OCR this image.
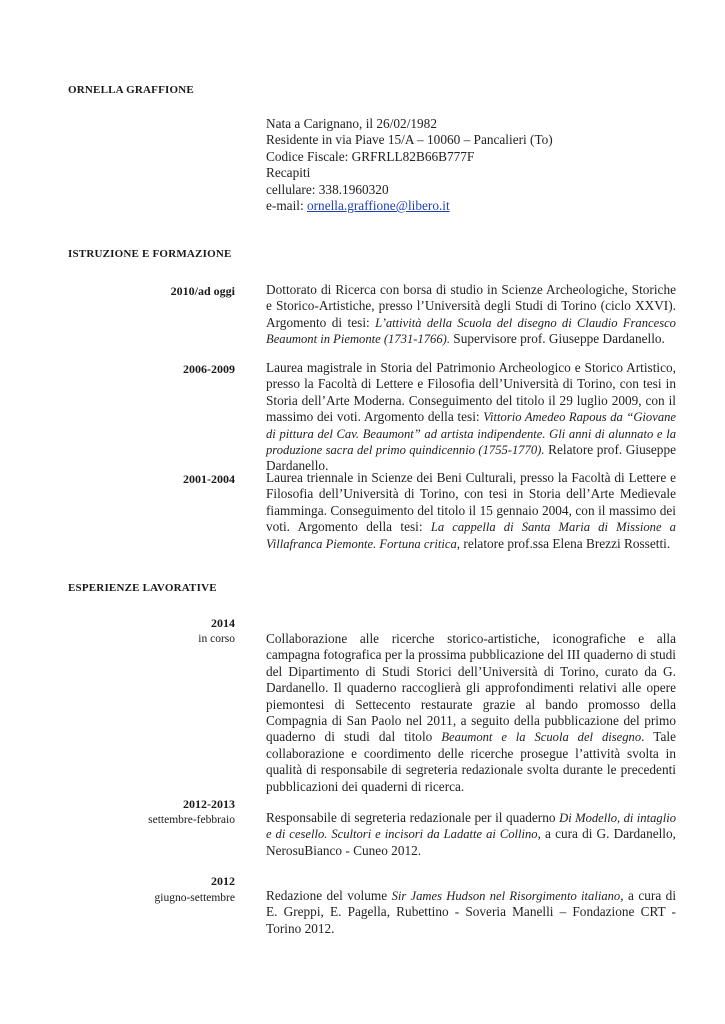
ORNELLA GRAFFIONE
Nata a Carignano, il 26/02/1982
Residente in via Piave 15/A – 10060 – Pancalieri (To)
Codice Fiscale: GRFRLL82B66B777F
Recapiti
cellulare: 338.1960320
e-mail: ornella.graffione@libero.it
ISTRUZIONE E FORMAZIONE
2010/ad oggi Dottorato di Ricerca con borsa di studio in Scienze Archeologiche, Storiche e Storico-Artistiche, presso l’Università degli Studi di Torino (ciclo XXVI). Argomento di tesi: L’attività della Scuola del disegno di Claudio Francesco Beaumont in Piemonte (1731-1766). Supervisore prof. Giuseppe Dardanello.
2006-2009 Laurea magistrale in Storia del Patrimonio Archeologico e Storico Artistico, presso la Facoltà di Lettere e Filosofia dell’Università di Torino, con tesi in Storia dell’Arte Moderna. Conseguimento del titolo il 29 luglio 2009, con il massimo dei voti. Argomento della tesi: Vittorio Amedeo Rapous da “Giovane di pittura del Cav. Beaumont” ad artista indipendente. Gli anni di alunnato e la produzione sacra del primo quindicennio (1755-1770). Relatore prof. Giuseppe Dardanello.
2001-2004 Laurea triennale in Scienze dei Beni Culturali, presso la Facoltà di Lettere e Filosofia dell’Università di Torino, con tesi in Storia dell’Arte Medievale fiamminga. Conseguimento del titolo il 15 gennaio 2004, con il massimo dei voti. Argomento della tesi: La cappella di Santa Maria di Missione a Villafranca Piemonte. Fortuna critica, relatore prof.ssa Elena Brezzi Rossetti.
ESPERIENZE LAVORATIVE
2014
in corso Collaborazione alle ricerche storico-artistiche, iconografiche e alla campagna fotografica per la prossima pubblicazione del III quaderno di studi del Dipartimento di Studi Storici dell’Università di Torino, curato da G. Dardanello. Il quaderno raccoglierà gli approfondimenti relativi alle opere piemontesi di Settecento restaurate grazie al bando promosso della Compagnia di San Paolo nel 2011, a seguito della pubblicazione del primo quaderno di studi dal titolo Beaumont e la Scuola del disegno. Tale collaborazione e coordimento delle ricerche prosegue l’attività svolta in qualità di responsabile di segreteria redazionale svolta durante le precedenti pubblicazioni dei quaderni di ricerca.
2012-2013
settembre-febbraio Responsabile di segreteria redazionale per il quaderno Di Modello, di intaglio e di cesello. Scultori e incisori da Ladatte ai Collino, a cura di G. Dardanello, NerosuBianco - Cuneo 2012.
2012
giugno-settembre Redazione del volume Sir James Hudson nel Risorgimento italiano, a cura di E. Greppi, E. Pagella, Rubettino - Soveria Manelli – Fondazione CRT - Torino 2012.
